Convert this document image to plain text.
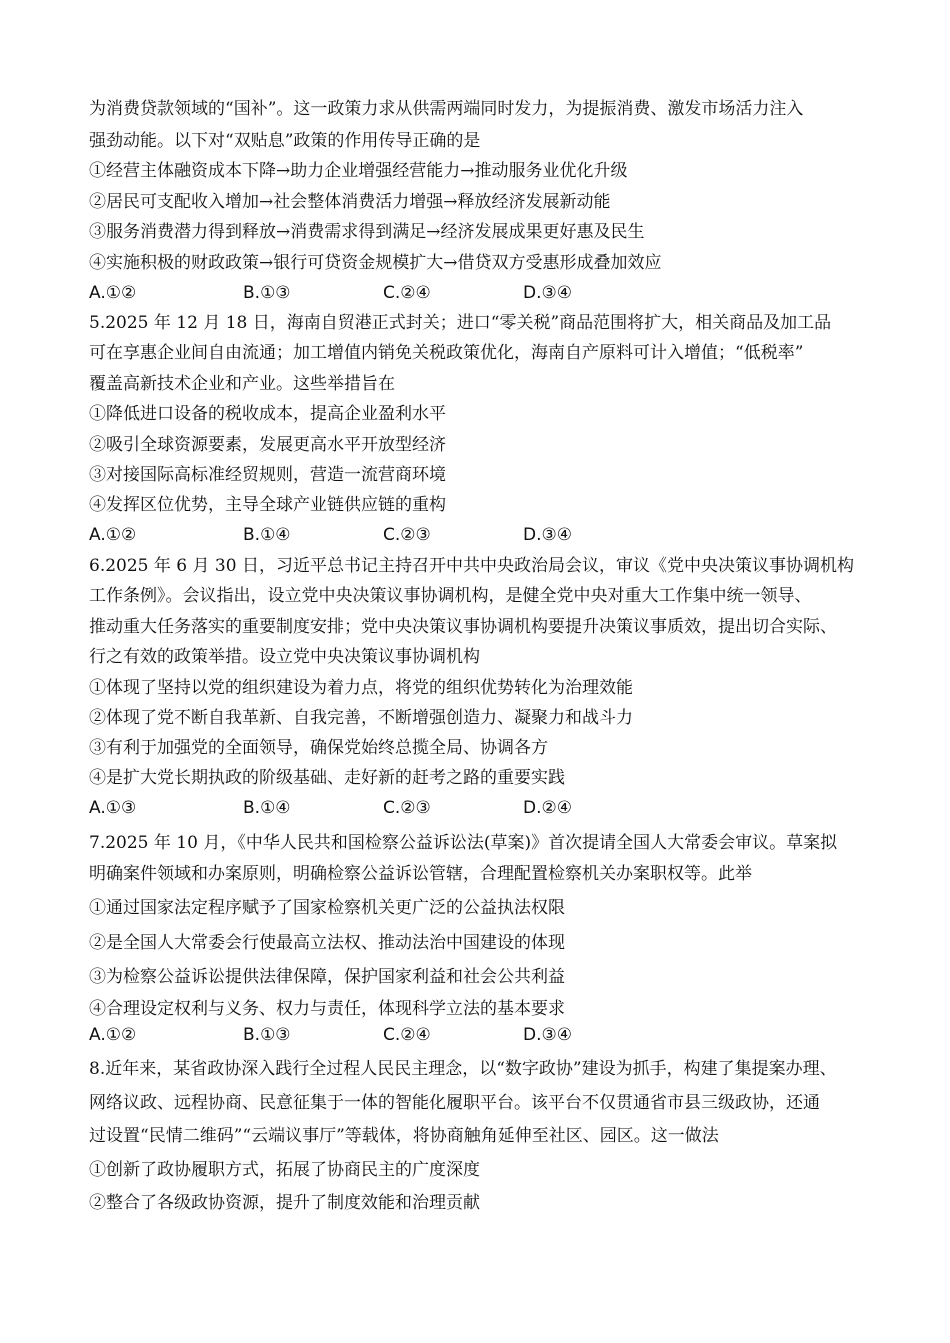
为消费贷款领域的“国补”。这一政策力求从供需两端同时发力，为提振消费、激发市场活力注入
强劲动能。以下对“双贴息”政策的作用传导正确的是
①经营主体融资成本下降→助力企业增强经营能力→推动服务业优化升级
②居民可支配收入增加→社会整体消费活力增强→释放经济发展新动能
③服务消费潜力得到释放→消费需求得到满足→经济发展成果更好惠及民生
④实施积极的财政政策→银行可贷资金规模扩大→借贷双方受惠形成叠加效应
A.①②	B.①③	C.②④	D.③④
5.2025 年 12 月 18 日，海南自贸港正式封关；进口“零关税”商品范围将扩大，相关商品及加工品
可在享惠企业间自由流通；加工增值内销免关税政策优化，海南自产原料可计入增值；“低税率”
覆盖高新技术企业和产业。这些举措旨在
①降低进口设备的税收成本，提高企业盈利水平
②吸引全球资源要素，发展更高水平开放型经济
③对接国际高标准经贸规则，营造一流营商环境
④发挥区位优势，主导全球产业链供应链的重构
A.①②	B.①④	C.②③	D.③④
6.2025 年 6 月 30 日，习近平总书记主持召开中共中央政治局会议，审议《党中央决策议事协调机构
工作条例》。会议指出，设立党中央决策议事协调机构，是健全党中央对重大工作集中统一领导、
推动重大任务落实的重要制度安排；党中央决策议事协调机构要提升决策议事质效，提出切合实际、
行之有效的政策举措。设立党中央决策议事协调机构
①体现了坚持以党的组织建设为着力点，将党的组织优势转化为治理效能
②体现了党不断自我革新、自我完善，不断增强创造力、凝聚力和战斗力
③有利于加强党的全面领导，确保党始终总揽全局、协调各方
④是扩大党长期执政的阶级基础、走好新的赶考之路的重要实践
A.①③	B.①④	C.②③	D.②④
7.2025 年 10 月，《中华人民共和国检察公益诉讼法(草案)》首次提请全国人大常委会审议。草案拟
明确案件领域和办案原则，明确检察公益诉讼管辖，合理配置检察机关办案职权等。此举
①通过国家法定程序赋予了国家检察机关更广泛的公益执法权限
②是全国人大常委会行使最高立法权、推动法治中国建设的体现
③为检察公益诉讼提供法律保障，保护国家利益和社会公共利益
④合理设定权利与义务、权力与责任，体现科学立法的基本要求
A.①②	B.①③	C.②④	D.③④
8.近年来，某省政协深入践行全过程人民民主理念，以“数字政协”建设为抓手，构建了集提案办理、
网络议政、远程协商、民意征集于一体的智能化履职平台。该平台不仅贯通省市县三级政协，还通
过设置“民情二维码”“云端议事厅”等载体，将协商触角延伸至社区、园区。这一做法
①创新了政协履职方式，拓展了协商民主的广度深度
②整合了各级政协资源，提升了制度效能和治理贡献
